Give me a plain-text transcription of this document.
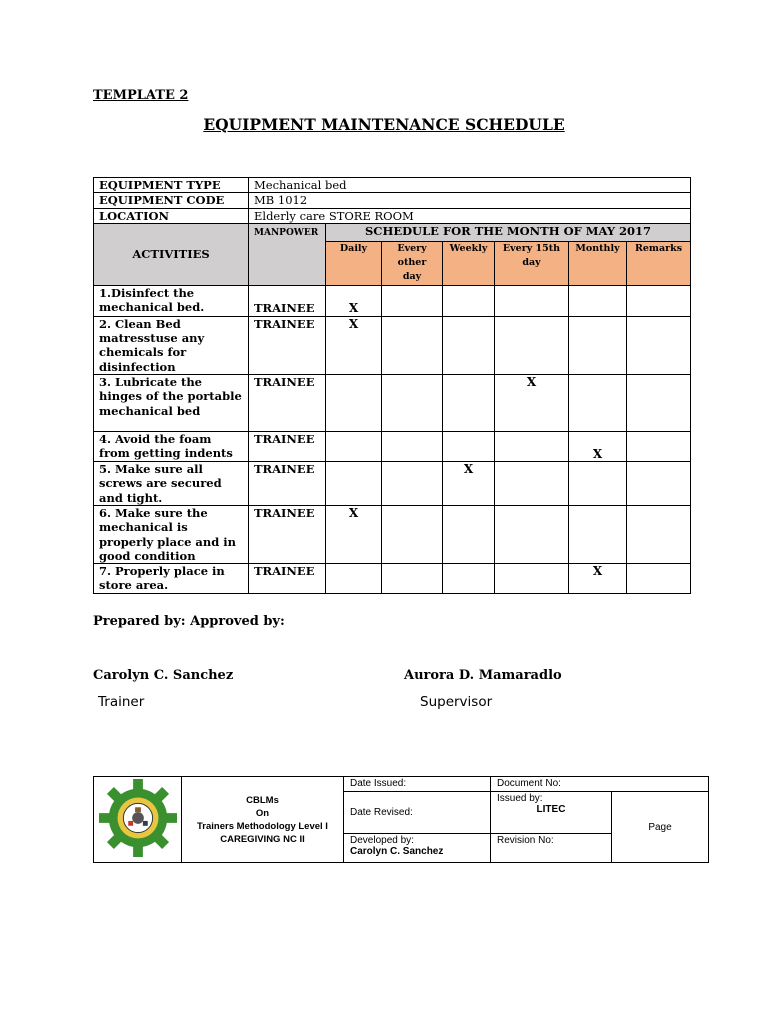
TEMPLATE 2
EQUIPMENT MAINTENANCE SCHEDULE
EQUIPMENT TYPE	Mechanical bed						
EQUIPMENT CODE	MB 1012						
LOCATION	Elderly care STORE ROOM						
ACTIVITIES	MANPOWER	SCHEDULE FOR THE MONTH OF MAY 2017					
		Daily	Every other day	Weekly	Every 15th day	Monthly	Remarks
1.Disinfect the mechanical bed.	TRAINEE	X					
2. Clean Bed matresstuse any chemicals for disinfection	TRAINEE	X					
3. Lubricate the hinges of the portable mechanical bed	TRAINEE				X		
4. Avoid the foam from getting indents	TRAINEE					X	
5. Make sure all screws are secured and tight.	TRAINEE			X			
6. Make sure the mechanical is properly place and in good condition	TRAINEE	X					
7. Properly place in store area.	TRAINEE					X	
Prepared by: Approved by:
Carolyn C. Sanchez	Aurora D. Mamaradlo
Trainer	Supervisor

CBLMs
On
Trainers Methodology Level I
CAREGIVING NC II	Date Issued:	Document No:	
		Date Revised:	Issued by:
LITEC	Page

		Developed by:
Carolyn C. Sanchez	Revision No:	
